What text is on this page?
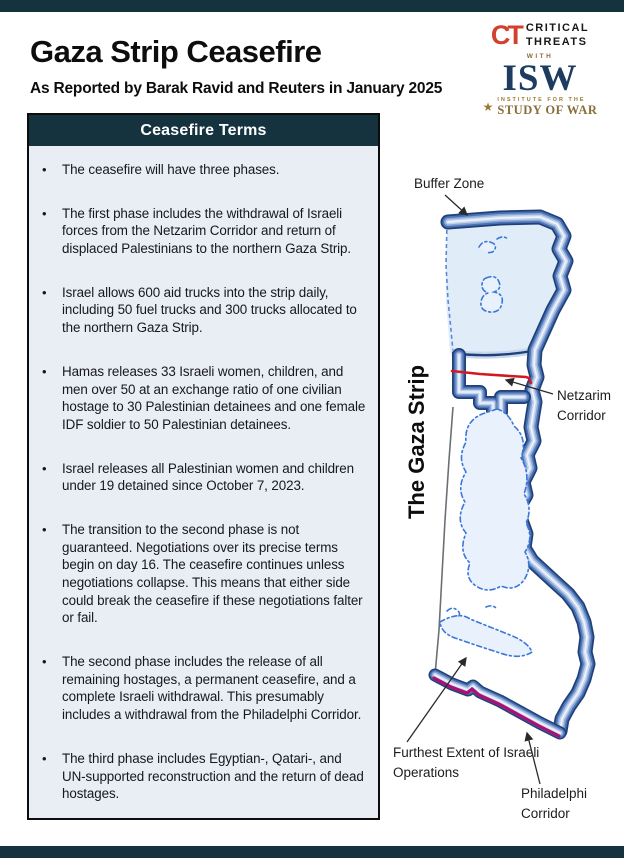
Gaza Strip Ceasefire

As Reported by Barak Ravid and Reuters in January 2025

CT CRITICAL
THREATS
WITH
ISW
★
INSTITUTE FOR THE
STUDY OF WAR
Ceasefire Terms
•	The ceasefire will have three phases.
•	The first phase includes the withdrawal of Israeli forces from the Netzarim Corridor and return of displaced Palestinians to the northern Gaza Strip.
•	Israel allows 600 aid trucks into the strip daily, including 50 fuel trucks and 300 trucks allocated to the northern Gaza Strip.
•	Hamas releases 33 Israeli women, children, and men over 50 at an exchange ratio of one civilian hostage to 30 Palestinian detainees and one female IDF soldier to 50 Palestinian detainees.
•	Israel releases all Palestinian women and children under 19 detained since October 7, 2023.
•	The transition to the second phase is not guaranteed. Negotiations over its precise terms begin on day 16. The ceasefire continues unless negotiations collapse. This means that either side could break the ceasefire if these negotiations falter or fail.
•	The second phase includes the release of all remaining hostages, a permanent ceasefire, and a complete Israeli withdrawal. This presumably includes a withdrawal from the Philadelphi Corridor.
•	The third phase includes Egyptian-, Qatari-, and UN-supported reconstruction and the return of dead hostages.
Buffer Zone
The Gaza Strip	Netzarim
Corridor
Furthest Extent of Israeli
Operations
Philadelphi
Corridor
